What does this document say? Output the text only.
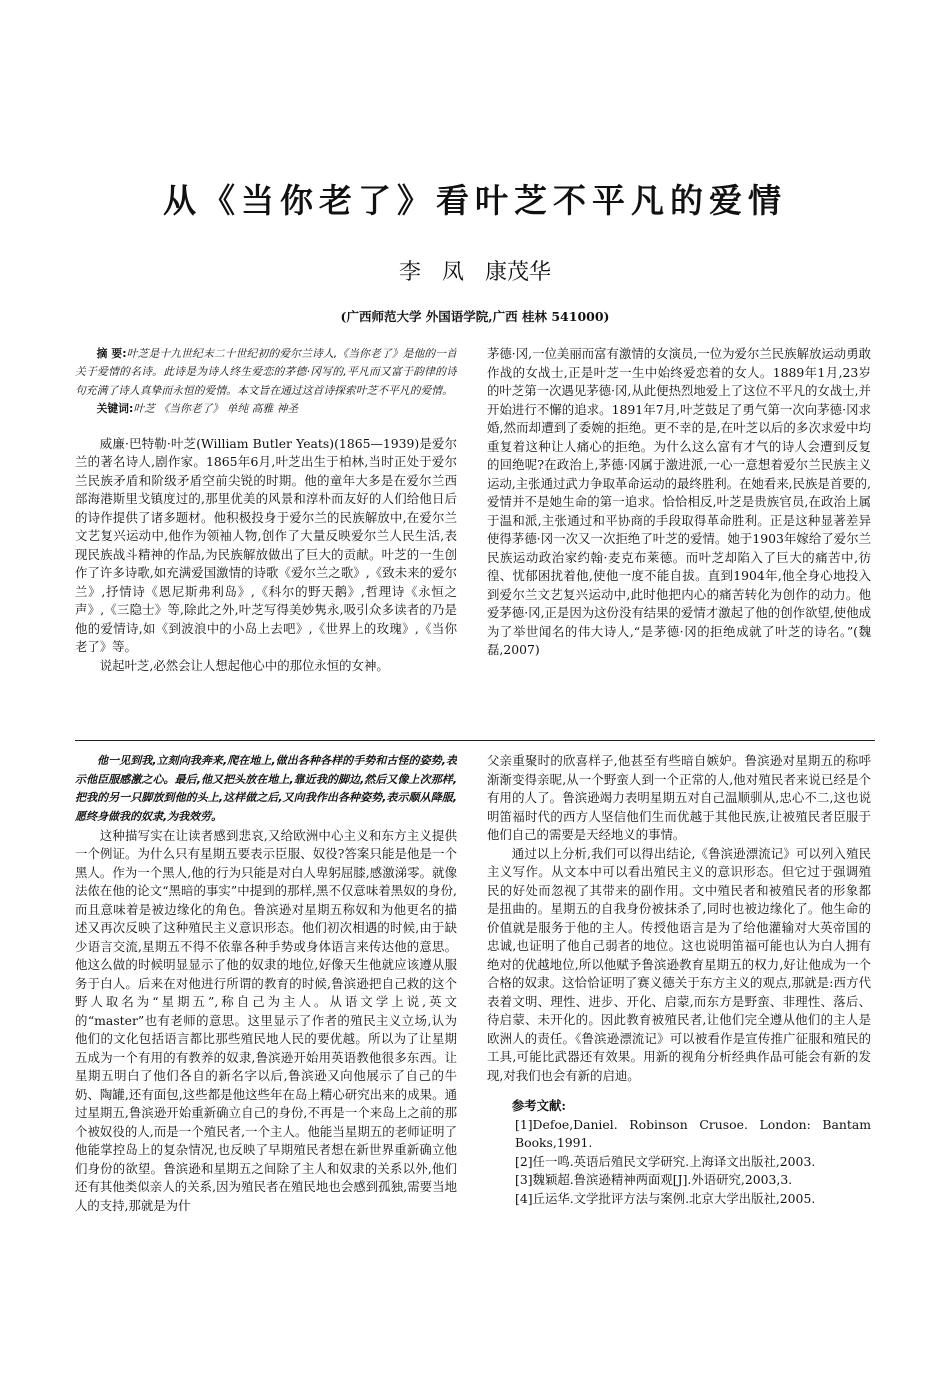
从《当你老了》看叶芝不平凡的爱情
李 凤 康茂华
(广西师范大学 外国语学院,广西 桂林 541000)

摘 要:叶芝是十九世纪末二十世纪初的爱尔兰诗人,《当你老了》是他的一首关于爱情的名诗。此诗是为诗人终生爱恋的茅德·冈写的,平凡而又富于韵律的诗句充满了诗人真挚而永恒的爱情。本文旨在通过这首诗探索叶芝不平凡的爱情。

关键词:叶芝 《当你老了》 单纯 高雅 神圣

威廉·巴特勒·叶芝(William Butler Yeats)(1865—1939)是爱尔兰的著名诗人,剧作家。1865年6月,叶芝出生于柏林,当时正处于爱尔兰民族矛盾和阶级矛盾空前尖锐的时期。他的童年大多是在爱尔兰西部海港斯里戈镇度过的,那里优美的风景和淳朴而友好的人们给他日后的诗作提供了诸多题材。他积极投身于爱尔兰的民族解放中,在爱尔兰文艺复兴运动中,他作为领袖人物,创作了大量反映爱尔兰人民生活,表现民族战斗精神的作品,为民族解放做出了巨大的贡献。叶芝的一生创作了许多诗歌,如充满爱国激情的诗歌《爱尔兰之歌》,《致未来的爱尔兰》,抒情诗《恩尼斯弗利岛》,《科尔的野天鹅》,哲理诗《永恒之声》,《三隐士》等,除此之外,叶芝写得美妙隽永,吸引众多读者的乃是他的爱情诗,如《到波浪中的小岛上去吧》,《世界上的玫瑰》,《当你老了》等。

说起叶芝,必然会让人想起他心中的那位永恒的女神。

茅德·冈,一位美丽而富有激情的女演员,一位为爱尔兰民族解放运动勇敢作战的女战士,正是叶芝一生中始终爱恋着的女人。1889年1月,23岁的叶芝第一次遇见茅德·冈,从此便热烈地爱上了这位不平凡的女战士,并开始进行不懈的追求。1891年7月,叶芝鼓足了勇气第一次向茅德·冈求婚,然而却遭到了委婉的拒绝。更不幸的是,在叶芝以后的多次求爱中均重复着这种让人痛心的拒绝。为什么这么富有才气的诗人会遭到反复的回绝呢?在政治上,茅德·冈属于激进派,一心一意想着爱尔兰民族主义运动,主张通过武力争取革命运动的最终胜利。在她看来,民族是首要的,爱情并不是她生命的第一追求。恰恰相反,叶芝是贵族官员,在政治上属于温和派,主张通过和平协商的手段取得革命胜利。正是这种显著差异使得茅德·冈一次又一次拒绝了叶芝的爱情。她于1903年嫁给了爱尔兰民族运动政治家约翰·麦克布莱德。而叶芝却陷入了巨大的痛苦中,彷徨、忧郁困扰着他,使他一度不能自拔。直到1904年,他全身心地投入到爱尔兰文艺复兴运动中,此时他把内心的痛苦转化为创作的动力。他爱茅德·冈,正是因为这份没有结果的爱情才激起了他的创作欲望,使他成为了举世闻名的伟大诗人,“是茅德·冈的拒绝成就了叶芝的诗名。”(魏磊,2007)

他一见到我,立刻向我奔来,爬在地上,做出各种各样的手势和古怪的姿势,表示他臣服感激之心。最后,他又把头放在地上,靠近我的脚边,然后又像上次那样,把我的另一只脚放到他的头上,这样做之后,又向我作出各种姿势,表示顺从降服,愿终身做我的奴隶,为我效劳。

这种描写实在让读者感到悲哀,又给欧洲中心主义和东方主义提供一个例证。为什么只有星期五要表示臣服、奴役?答案只能是他是一个黑人。作为一个黑人,他的行为只能是对白人卑躬屈膝,感激涕零。就像法侬在他的论文“黑暗的事实”中提到的那样,黑不仅意味着黑奴的身份,而且意味着是被边缘化的角色。鲁滨逊对星期五称奴和为他更名的描述又再次反映了这种殖民主义意识形态。他们初次相遇的时候,由于缺少语言交流,星期五不得不依靠各种手势或身体语言来传达他的意思。他这么做的时候明显显示了他的奴隶的地位,好像天生他就应该遵从服务于白人。后来在对他进行所谓的教育的时候,鲁滨逊把自己救的这个野人取名为“星期五”,称自己为主人。从语文学上说,英文的“master”也有老师的意思。这里显示了作者的殖民主义立场,认为他们的文化包括语言都比那些殖民地人民的要优越。所以为了让星期五成为一个有用的有教养的奴隶,鲁滨逊开始用英语教他很多东西。让星期五明白了他们各自的新名字以后,鲁滨逊又向他展示了自己的牛奶、陶罐,还有面包,这些都是他这些年在岛上精心研究出来的成果。通过星期五,鲁滨逊开始重新确立自己的身份,不再是一个来岛上之前的那个被奴役的人,而是一个殖民者,一个主人。他能当星期五的老师证明了他能掌控岛上的复杂情况,也反映了早期殖民者想在新世界重新确立他们身份的欲望。鲁滨逊和星期五之间除了主人和奴隶的关系以外,他们还有其他类似亲人的关系,因为殖民者在殖民地也会感到孤独,需要当地人的支持,那就是为什

父亲重聚时的欣喜样子,他甚至有些暗自嫉妒。鲁滨逊对星期五的称呼渐渐变得亲昵,从一个野蛮人到一个正常的人,他对殖民者来说已经是个有用的人了。鲁滨逊竭力表明星期五对自己温顺驯从,忠心不二,这也说明笛福时代的西方人坚信他们生而优越于其他民族,让被殖民者臣服于他们自己的需要是天经地义的事情。

通过以上分析,我们可以得出结论,《鲁滨逊漂流记》可以列入殖民主义写作。从文本中可以看出殖民主义的意识形态。但它过于强调殖民的好处而忽视了其带来的副作用。文中殖民者和被殖民者的形象都是扭曲的。星期五的自我身份被抹杀了,同时也被边缘化了。他生命的价值就是服务于他的主人。传授他语言是为了给他灌输对大英帝国的忠诚,也证明了他自己弱者的地位。这也说明笛福可能也认为白人拥有绝对的优越地位,所以他赋予鲁滨逊教育星期五的权力,好让他成为一个合格的奴隶。这恰恰证明了赛义德关于东方主义的观点,那就是:西方代表着文明、理性、进步、开化、启蒙,而东方是野蛮、非理性、落后、待启蒙、未开化的。因此教育被殖民者,让他们完全遵从他们的主人是欧洲人的责任。《鲁滨逊漂流记》可以被看作是宣传推广征服和殖民的工具,可能比武器还有效果。用新的视角分析经典作品可能会有新的发现,对我们也会有新的启迪。

参考文献:

[1]Defoe,Daniel. Robinson Crusoe. London: Bantam Books,1991.

[2]任一鸣.英语后殖民文学研究.上海译文出版社,2003.

[3]魏颖超.鲁滨逊精神两面观[J].外语研究,2003,3.

[4]丘运华.文学批评方法与案例.北京大学出版社,2005.
